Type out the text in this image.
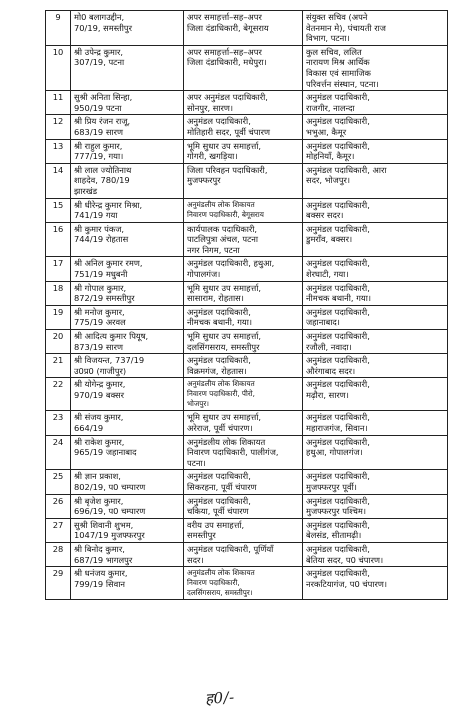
9	मो0 बलागउद्दीन,
70/19, समस्तीपुर	अपर समाहर्त्ता–सह–अपर
जिला दंडाधिकारी, बेगूसराय	संयुक्त सचिव (अपने
वेतनमान मे), पंचायती राज
विभाग, पटना।

10	श्री उपेन्द्र कुमार,
307/19, पटना	अपर समाहर्त्ता–सह–अपर
जिला दंडाधिकारी, मधेपुरा।	कुल सचिव, ललित
नारायण मिश्र आर्थिक
विकास एवं सामाजिक
परिवर्त्तन संस्थान, पटना।

11	सुश्री अनिता सिन्हा,
950/19 पटना	अपर अनुमंडल पदाधिकारी,
सोनपुर, सारण।	अनुमंडल पदाधिकारी,
राजगीर, नालन्दा

12	श्री प्रिय रंजन राजू,
683/19 सारण	अनुमंडल पदाधिकारी,
मोतिहारी सदर, पूर्वी चंपारण	अनुमंडल पदाधिकारी,
भभुआ, कैमूर

13	श्री राहुल कुमार,
777/19, गया।	भूमि सुधार उप समाहर्त्ता,
गोगरी, खगड़िया।	अनुमंडल पदाधिकारी,
मोहनियाँ, कैमूर।

14	श्री लाल ज्योतिनाथ
शाहदेव, 780/19
झारखंड	जिला परिवहन पदाधिकारी,
मुजफ्फरपुर	अनुमंडल पदाधिकारी, आरा
सदर, भोजपुर।

15	श्री धीरेन्द्र कुमार मिश्रा,
741/19 गया	अनुमंडलीय लोक शिकायत
निवारण पदाधिकारी, बेगूसराय	अनुमंडल पदाधिकारी,
बक्सर सदर।

16	श्री कुमार पंकज,
744/19 रोहतास	कार्यपालक पदाधिकारी,
पाटलिपुत्रा अंचल, पटना
नगर निगम, पटना	अनुमंडल पदाधिकारी,
डुमराँव, बक्सर।

17	श्री अनिल कुमार रमण,
751/19 मधुबनी	अनुमंडल पदाधिकारी, हथुआ,
गोपालगंज।	अनुमंडल पदाधिकारी,
शेरघाटी, गया।

18	श्री गोपाल कुमार,
872/19 समस्तीपुर	भूमि सुधार उप समाहर्त्ता,
सासाराम, रोहतास।	अनुमंडल पदाधिकारी,
नीमचक बथानी, गया।

19	श्री मनोज कुमार,
775/19 अरवल	अनुमंडल पदाधिकारी,
नीमचक बथानी, गया।	अनुमंडल पदाधिकारी,
जहानाबाद।

20	श्री आदित्य कुमार पियूष,
873/19 सारण	भूमि सुधार उप समाहर्त्ता,
दलसिंगसराय, समस्तीपुर	अनुमंडल पदाधिकारी,
रजौली, नवादा।

21	श्री विजयन्त, 737/19
उ0प्र0 (गाजीपुर)	अनुमंडल पदाधिकारी,
विक्रमगंज, रोहतास।	अनुमंडल पदाधिकारी,
औरंगाबाद सदर।

22	श्री योगेन्द्र कुमार,
970/19 बक्सर	अनुमंडलीय लोक शिकायत
निवारण पदाधिकारी, पीरो,
भोजपुर।	अनुमंडल पदाधिकारी,
मढ़ौरा, सारण।

23	श्री संजय कुमार,
664/19	भूमि सुधार उप समाहर्त्ता,
अरेराज, पूर्वी चंपारण।	अनुमंडल पदाधिकारी,
महाराजगंज, सिवान।

24	श्री राकेश कुमार,
965/19 जहानाबाद	अनुमंडलीय लोक शिकायत
निवारण पदाधिकारी, पालीगंज,
पटना।	अनुमंडल पदाधिकारी,
हथुआ, गोपालगंज।

25	श्री ज्ञान प्रकाश,
802/19, प0 चम्पारण	अनुमंडल पदाधिकारी,
सिकरहना, पूर्वी चंपारण	अनुमंडल पदाधिकारी,
मुजफ्फरपुर पूर्वी।

26	श्री बृजेश कुमार,
696/19, प0 चम्पारण	अनुमंडल पदाधिकारी,
चकिया, पूर्वी चंपारण	अनुमंडल पदाधिकारी,
मुजफ्फरपुर पश्चिम।

27	सुश्री शिवानी शुभम,
1047/19 मुजफ्फरपुर	वरीय उप समाहर्त्ता,
समस्तीपुर	अनुमंडल पदाधिकारी,
बेलसंड, सीतामढ़ी।

28	श्री बिनोद कुमार,
687/19 भागलपुर	अनुमंडल पदाधिकारी, पूर्णियाँ
सदर।	अनुमंडल पदाधिकारी,
बेतिया सदर, प0 चंपारण।

29	श्री धनंजय कुमार,
799/19 सिवान	अनुमंडलीय लोक शिकायत
निवारण पदाधिकारी,
दलसिंगसराय, समस्तीपुर।	अनुमंडल पदाधिकारी,
नरकटियागंज, प0 चंपारण।
ह0/-
